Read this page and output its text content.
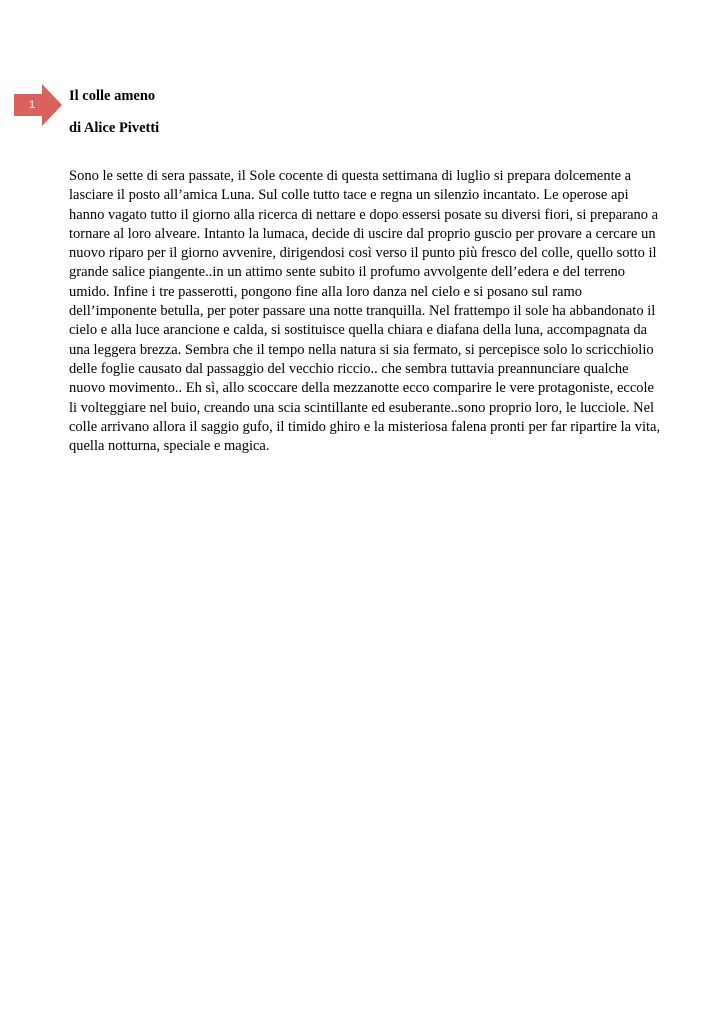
1

Il colle ameno

di Alice Pivetti

Sono le sette di sera passate, il Sole cocente di questa settimana di luglio si prepara dolcemente a lasciare il posto all’amica Luna. Sul colle tutto tace e regna un silenzio incantato. Le operose api hanno vagato tutto il giorno alla ricerca di nettare e dopo essersi posate su diversi fiori, si preparano a tornare al loro alveare. Intanto la lumaca, decide di uscire dal proprio guscio per provare a cercare un nuovo riparo per il giorno avvenire, dirigendosi così verso il punto più fresco del colle, quello sotto il grande salice piangente..in un attimo sente subito il profumo avvolgente dell’edera e del terreno umido. Infine i tre passerotti, pongono fine alla loro danza nel cielo e si posano sul ramo dell’imponente betulla, per poter passare una notte tranquilla. Nel frattempo il sole ha abbandonato il cielo e alla luce arancione e calda, si sostituisce quella chiara e diafana della luna, accompagnata da una leggera brezza. Sembra che il tempo nella natura si sia fermato, si percepisce solo lo scricchiolio delle foglie causato dal passaggio del vecchio riccio.. che sembra tuttavia preannunciare qualche nuovo movimento.. Eh sì, allo scoccare della mezzanotte ecco comparire le vere protagoniste, eccole li volteggiare nel buio, creando una scia scintillante ed esuberante..sono proprio loro, le lucciole. Nel colle arrivano allora il saggio gufo, il timido ghiro e la misteriosa falena pronti per far ripartire la vita, quella notturna, speciale e magica.
